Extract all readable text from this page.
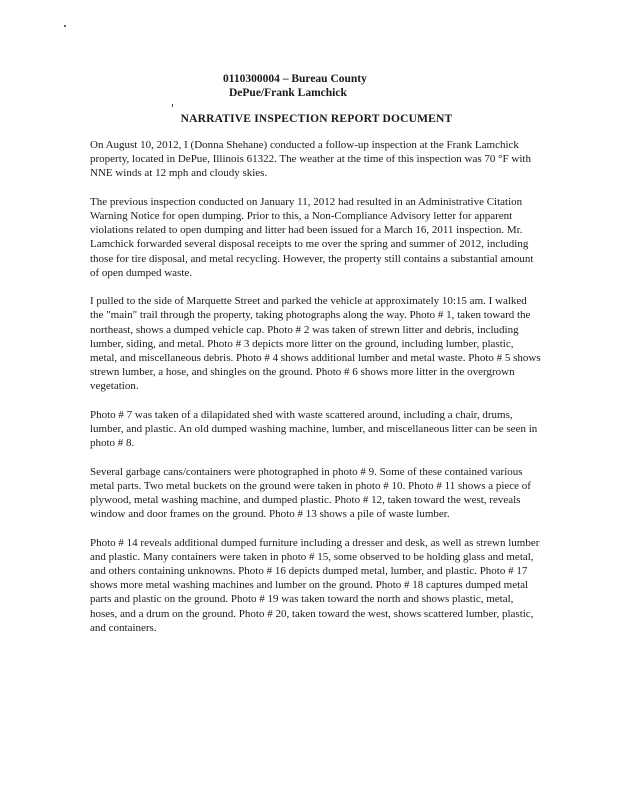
0110300004 – Bureau County
DePue/Frank Lamchick
NARRATIVE INSPECTION REPORT DOCUMENT

On August 10, 2012, I (Donna Shehane) conducted a follow-up inspection at the Frank Lamchick property, located in DePue, Illinois 61322. The weather at the time of this inspection was 70 °F with NNE winds at 12 mph and cloudy skies.

The previous inspection conducted on January 11, 2012 had resulted in an Administrative Citation Warning Notice for open dumping. Prior to this, a Non-Compliance Advisory letter for apparent violations related to open dumping and litter had been issued for a March 16, 2011 inspection. Mr. Lamchick forwarded several disposal receipts to me over the spring and summer of 2012, including those for tire disposal, and metal recycling. However, the property still contains a substantial amount of open dumped waste.

I pulled to the side of Marquette Street and parked the vehicle at approximately 10:15 am. I walked the "main" trail through the property, taking photographs along the way. Photo # 1, taken toward the northeast, shows a dumped vehicle cap. Photo # 2 was taken of strewn litter and debris, including lumber, siding, and metal. Photo # 3 depicts more litter on the ground, including lumber, plastic, metal, and miscellaneous debris. Photo # 4 shows additional lumber and metal waste. Photo # 5 shows strewn lumber, a hose, and shingles on the ground. Photo # 6 shows more litter in the overgrown vegetation.

Photo # 7 was taken of a dilapidated shed with waste scattered around, including a chair, drums, lumber, and plastic. An old dumped washing machine, lumber, and miscellaneous litter can be seen in photo # 8.

Several garbage cans/containers were photographed in photo # 9. Some of these contained various metal parts. Two metal buckets on the ground were taken in photo # 10. Photo # 11 shows a piece of plywood, metal washing machine, and dumped plastic. Photo # 12, taken toward the west, reveals window and door frames on the ground. Photo # 13 shows a pile of waste lumber.

Photo # 14 reveals additional dumped furniture including a dresser and desk, as well as strewn lumber and plastic. Many containers were taken in photo # 15, some observed to be holding glass and metal, and others containing unknowns. Photo # 16 depicts dumped metal, lumber, and plastic. Photo # 17 shows more metal washing machines and lumber on the ground. Photo # 18 captures dumped metal parts and plastic on the ground. Photo # 19 was taken toward the north and shows plastic, metal, hoses, and a drum on the ground. Photo # 20, taken toward the west, shows scattered lumber, plastic, and containers.
